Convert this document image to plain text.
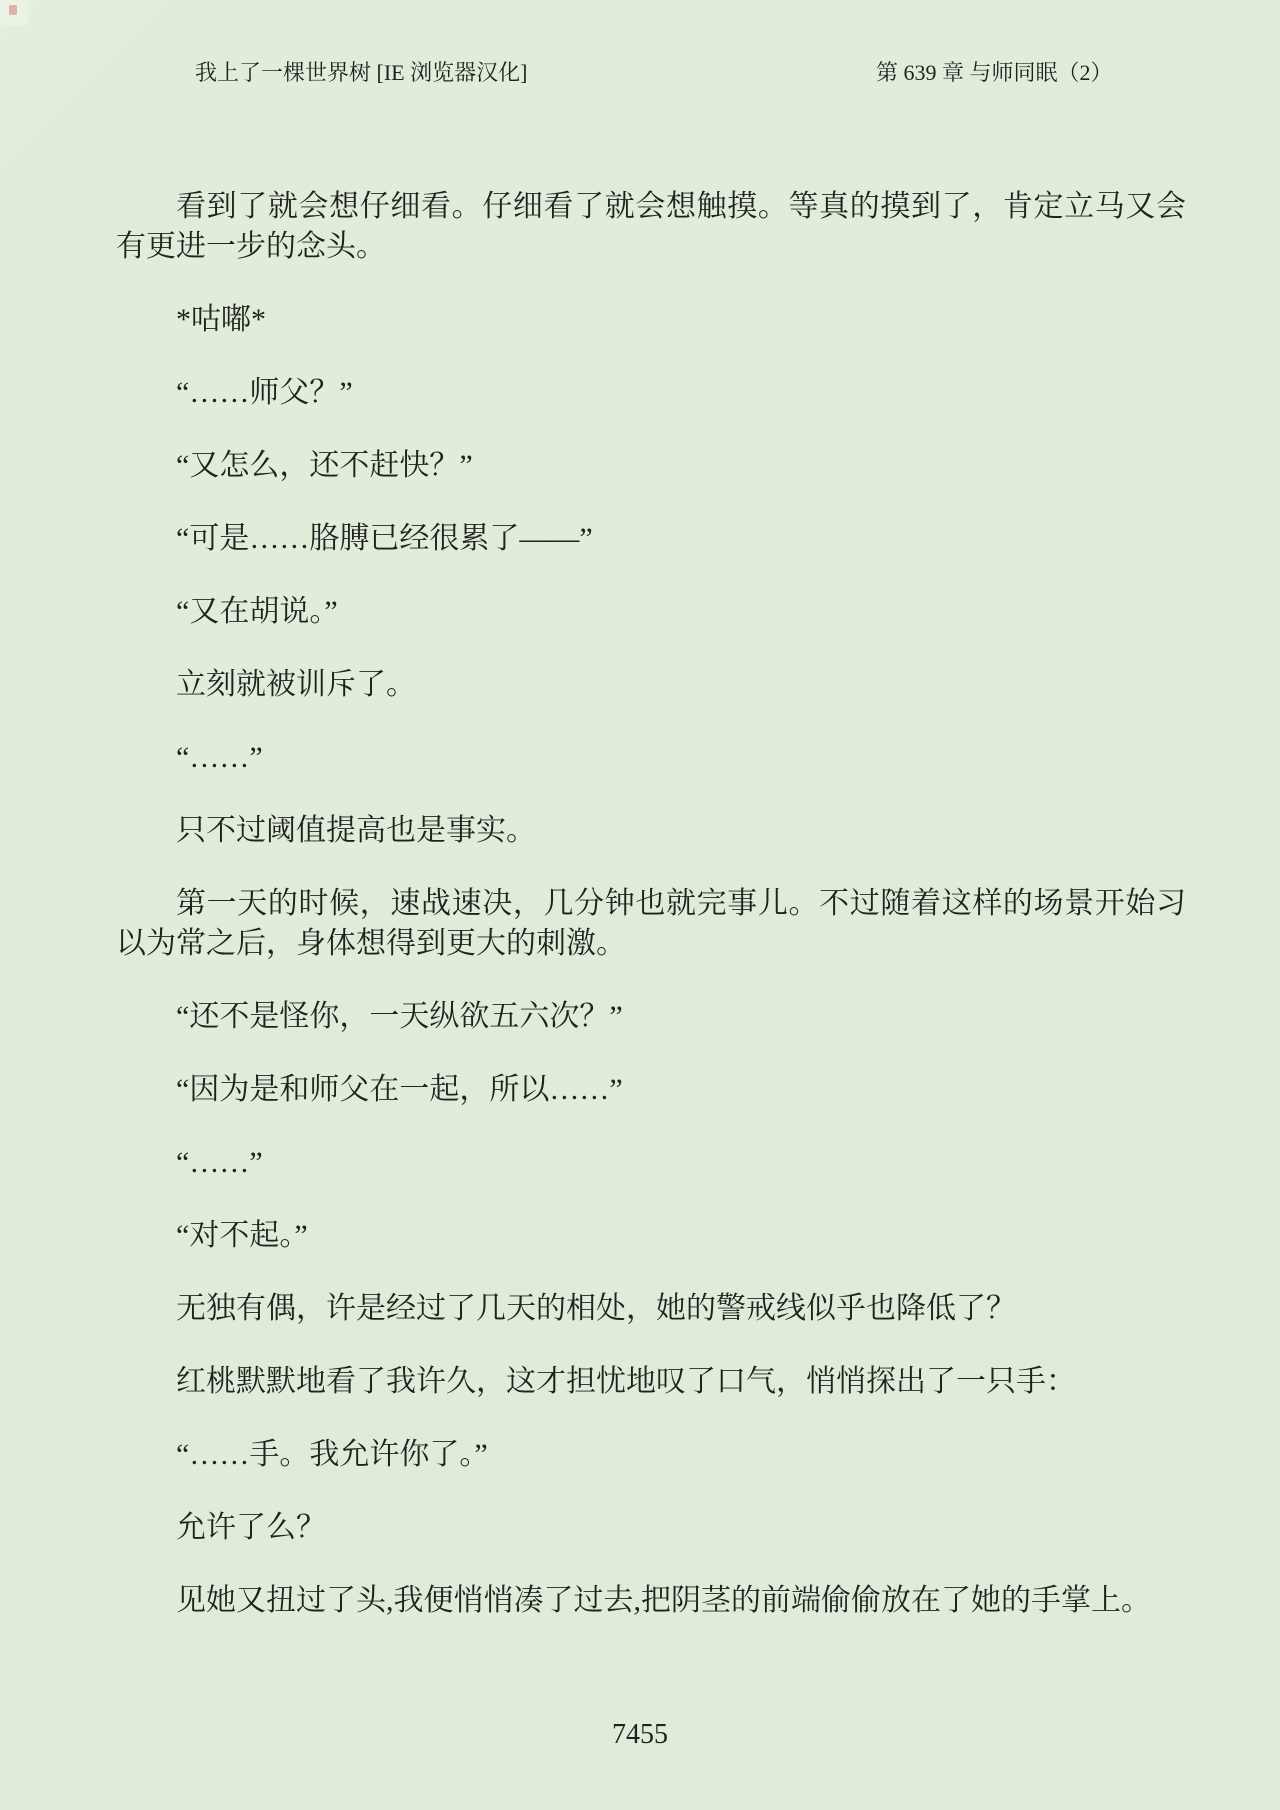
我上了一棵世界树 [IE 浏览器汉化]	第 639 章 与师同眠（2）

看到了就会想仔细看。仔细看了就会想触摸。等真的摸到了，肯定立马又会有更进一步的念头。

*咕嘟*

“……师父？”

“又怎么，还不赶快？”

“可是……胳膊已经很累了——”

“又在胡说。”

立刻就被训斥了。

“……”

只不过阈值提高也是事实。

第一天的时候，速战速决，几分钟也就完事儿。不过随着这样的场景开始习以为常之后，身体想得到更大的刺激。

“还不是怪你，一天纵欲五六次？”

“因为是和师父在一起，所以……”

“……”

“对不起。”

无独有偶，许是经过了几天的相处，她的警戒线似乎也降低了？

红桃默默地看了我许久，这才担忧地叹了口气，悄悄探出了一只手：

“……手。我允许你了。”

允许了么？

见她又扭过了头,我便悄悄凑了过去,把阴茎的前端偷偷放在了她的手掌上。

7455
